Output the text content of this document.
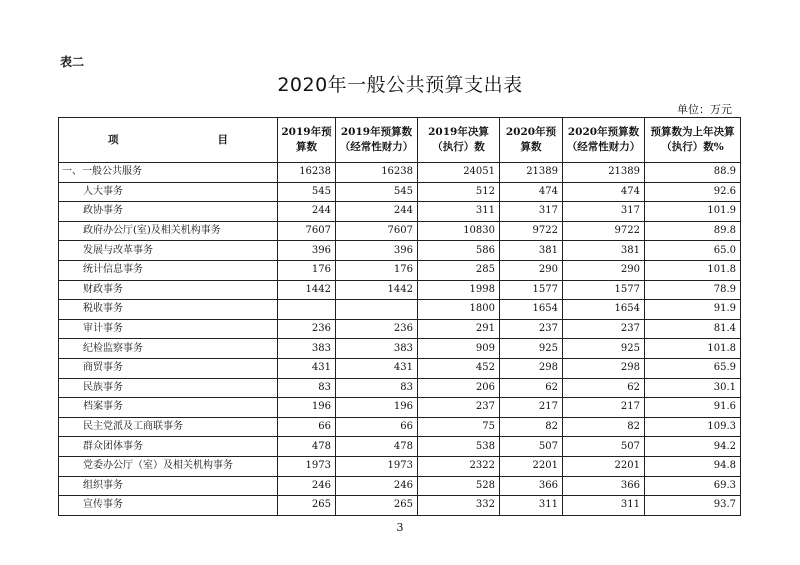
表二
2020年一般公共预算支出表
单位：万元
项　　目	2019年预算数	2019年预算数（经常性财力）	2019年决算（执行）数	2020年预算数	2020年预算数（经常性财力）	预算数为上年决算（执行）数%
一、一般公共服务	16238	16238	24051	21389	21389	88.9
人大事务	545	545	512	474	474	92.6
政协事务	244	244	311	317	317	101.9
政府办公厅(室)及相关机构事务	7607	7607	10830	9722	9722	89.8
发展与改革事务	396	396	586	381	381	65.0
统计信息事务	176	176	285	290	290	101.8
财政事务	1442	1442	1998	1577	1577	78.9
税收事务			1800	1654	1654	91.9
审计事务	236	236	291	237	237	81.4
纪检监察事务	383	383	909	925	925	101.8
商贸事务	431	431	452	298	298	65.9
民族事务	83	83	206	62	62	30.1
档案事务	196	196	237	217	217	91.6
民主党派及工商联事务	66	66	75	82	82	109.3
群众团体事务	478	478	538	507	507	94.2
党委办公厅（室）及相关机构事务	1973	1973	2322	2201	2201	94.8
组织事务	246	246	528	366	366	69.3
宣传事务	265	265	332	311	311	93.7
3
